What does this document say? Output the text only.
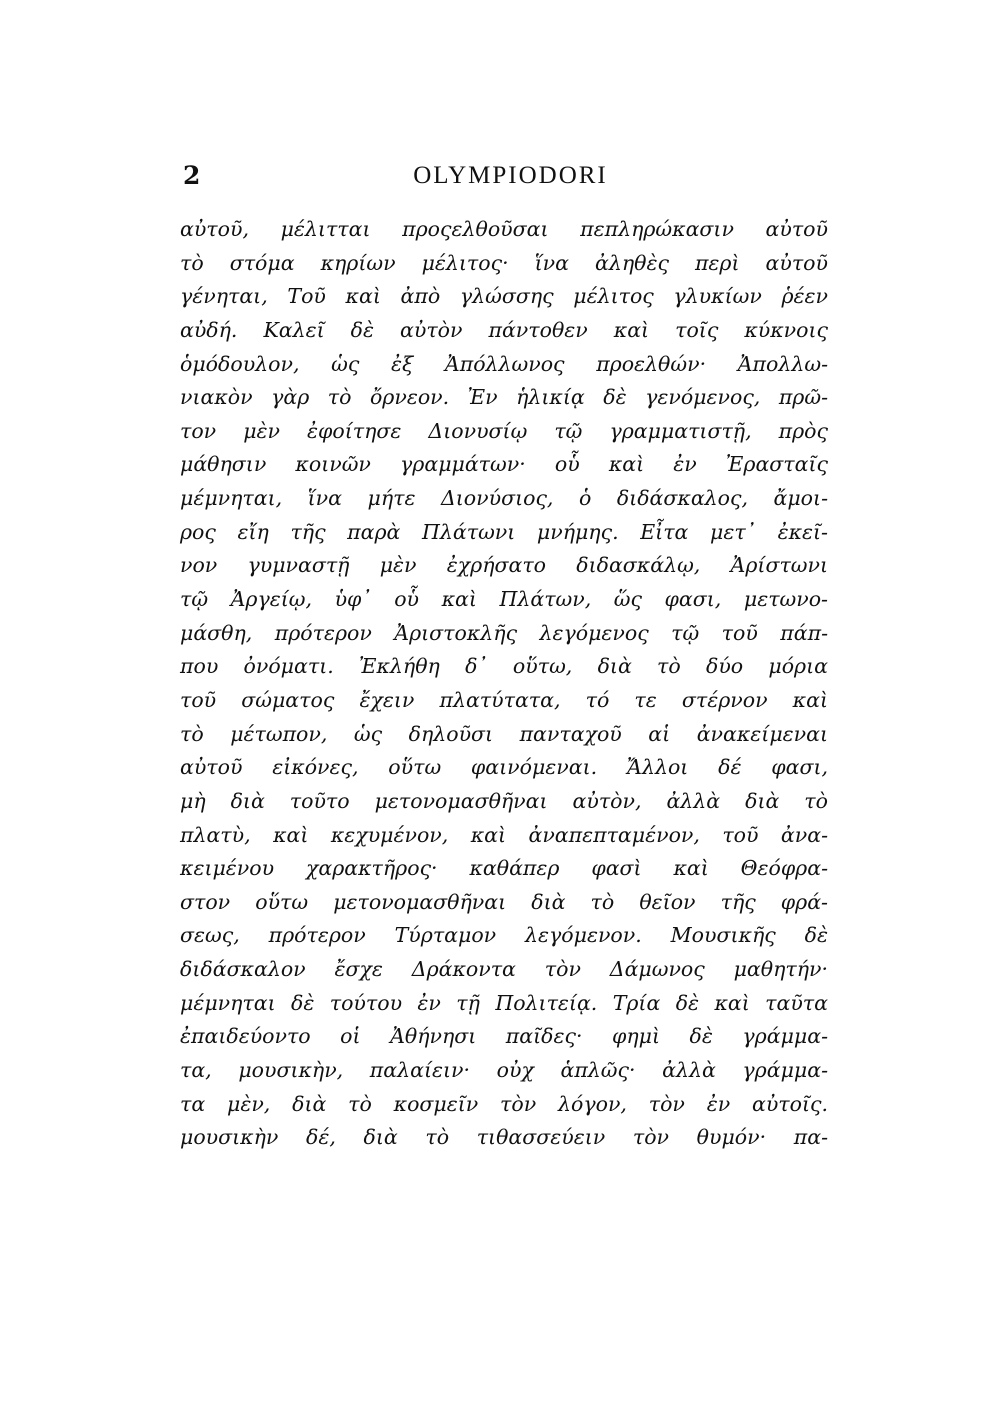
2	OLYMPIODORI
αὐτοῦ, μέλιτται προςελθοῦσαι πεπληρώκασιν αὐτοῦ
τὸ στόμα κηρίων μέλιτος· ἵνα ἀληθὲς περὶ αὐτοῦ
γένηται, Τοῦ καὶ ἀπὸ γλώσσης μέλιτος γλυκίων ῥέεν
αὐδή. Καλεῖ δὲ αὐτὸν πάντοθεν καὶ τοῖς κύκνοις
ὁμόδουλον, ὡς ἐξ Ἀπόλλωνος προελθών· Ἀπολλω-
νιακὸν γὰρ τὸ ὄρνεον. Ἐν ἡλικίᾳ δὲ γενόμενος, πρῶ-
τον μὲν ἐφοίτησε Διονυσίῳ τῷ γραμματιστῇ, πρὸς
μάθησιν κοινῶν γραμμάτων· οὗ καὶ ἐν Ἐρασταῖς
μέμνηται, ἵνα μήτε Διονύσιος, ὁ διδάσκαλος, ἄμοι-
ρος εἴη τῆς παρὰ Πλάτωνι μνήμης. Εἶτα μετ᾽ ἐκεῖ-
νον γυμναστῇ μὲν ἐχρήσατο διδασκάλῳ, Ἀρίστωνι
τῷ Ἀργείῳ, ὑφ᾽ οὗ καὶ Πλάτων, ὥς φασι, μετωνο-
μάσθη, πρότερον Ἀριστοκλῆς λεγόμενος τῷ τοῦ πάπ-
που ὀνόματι. Ἐκλήθη δ᾽ οὕτω, διὰ τὸ δύο μόρια
τοῦ σώματος ἔχειν πλατύτατα, τό τε στέρνον καὶ
τὸ μέτωπον, ὡς δηλοῦσι πανταχοῦ αἱ ἀνακείμεναι
αὐτοῦ εἰκόνες, οὕτω φαινόμεναι. Ἄλλοι δέ φασι,
μὴ διὰ τοῦτο μετονομασθῆναι αὐτὸν, ἀλλὰ διὰ τὸ
πλατὺ, καὶ κεχυμένον, καὶ ἀναπεπταμένον, τοῦ ἀνα-
κειμένου χαρακτῆρος· καθάπερ φασὶ καὶ Θεόφρα-
στον οὕτω μετονομασθῆναι διὰ τὸ θεῖον τῆς φρά-
σεως, πρότερον Τύρταμον λεγόμενον. Μουσικῆς δὲ
διδάσκαλον ἔσχε Δράκοντα τὸν Δάμωνος μαθητήν·
μέμνηται δὲ τούτου ἐν τῇ Πολιτείᾳ. Τρία δὲ καὶ ταῦτα
ἐπαιδεύοντο οἱ Ἀθήνησι παῖδες· φημὶ δὲ γράμμα-
τα, μουσικὴν, παλαίειν· οὐχ ἁπλῶς· ἀλλὰ γράμμα-
τα μὲν, διὰ τὸ κοσμεῖν τὸν λόγον, τὸν ἐν αὐτοῖς.
μουσικὴν δέ, διὰ τὸ τιθασσεύειν τὸν θυμόν· πα-
